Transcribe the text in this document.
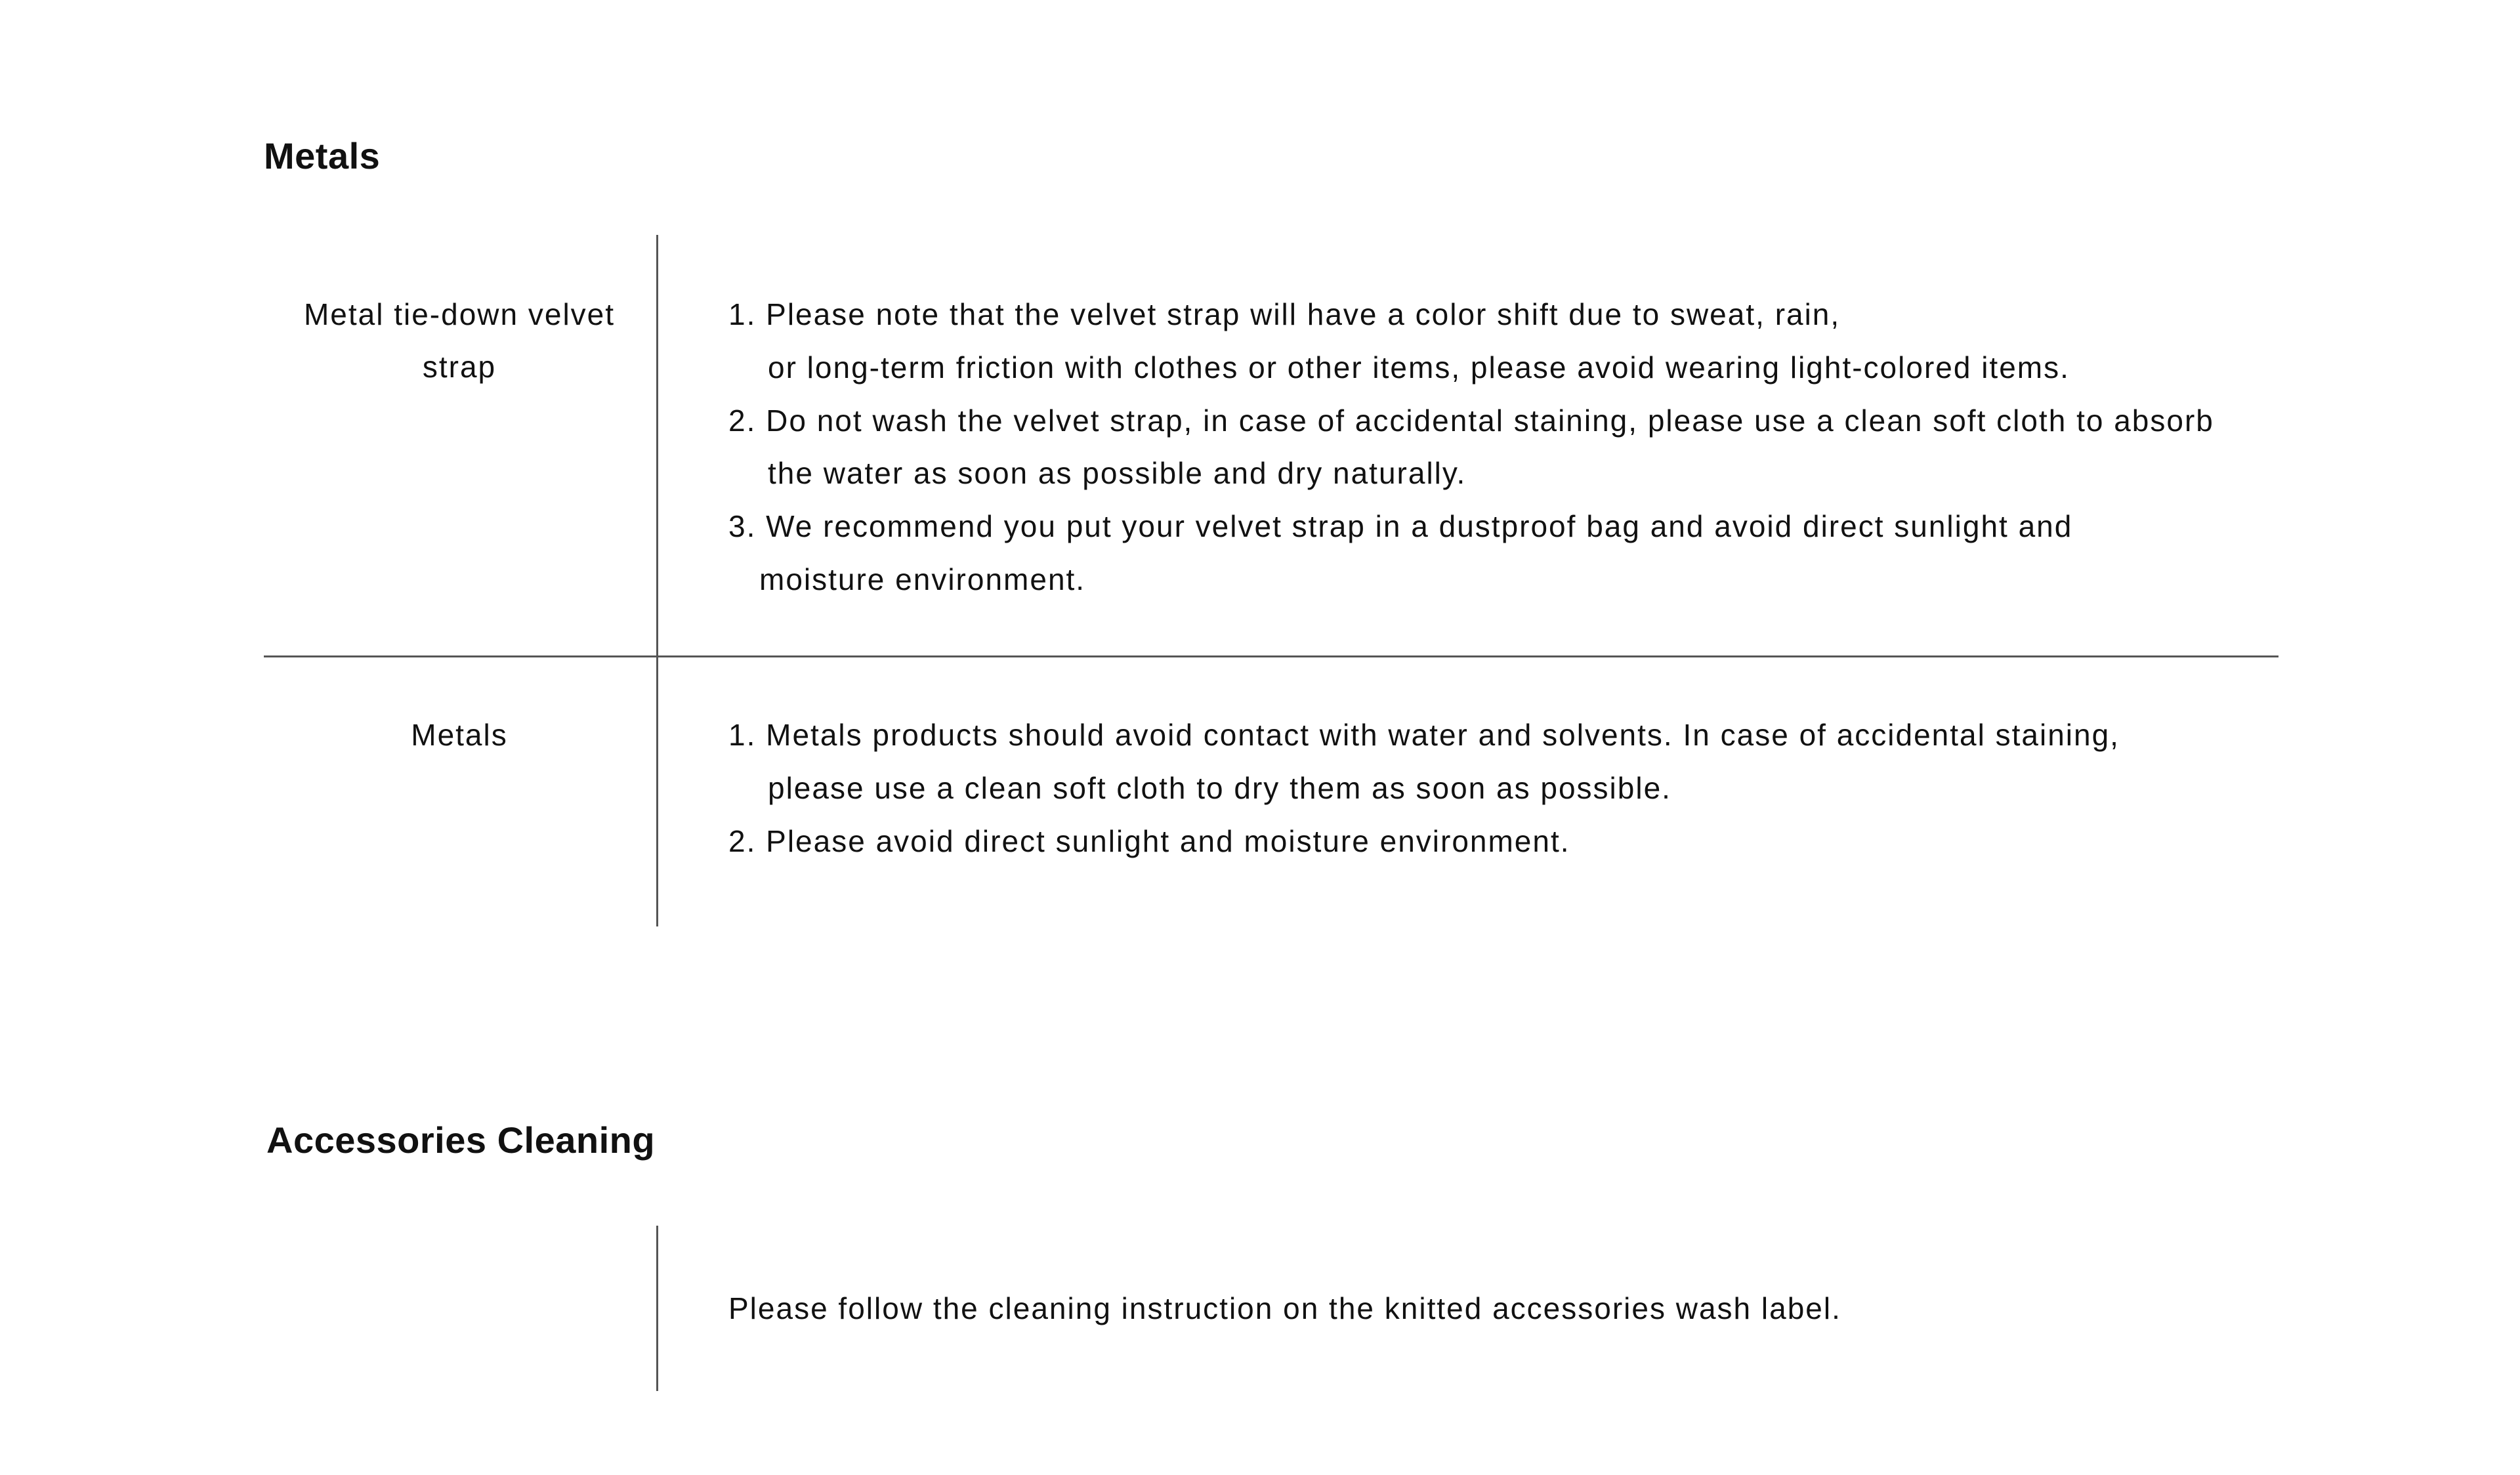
Metals
Metal tie-down velvet
strap
1. Please note that the velvet strap will have a color shift due to sweat, rain,
or long-term friction with clothes or other items, please avoid wearing light-colored items.
2. Do not wash the velvet strap, in case of accidental staining, please use a clean soft cloth to absorb
the water as soon as possible and dry naturally.
3. We recommend you put your velvet strap in a dustproof bag and avoid direct sunlight and
moisture environment.
Metals	1. Metals products should avoid contact with water and solvents. In case of accidental staining,
please use a clean soft cloth to dry them as soon as possible.
2. Please avoid direct sunlight and moisture environment.
Accessories Cleaning

Please follow the cleaning instruction on the knitted accessories wash label.
